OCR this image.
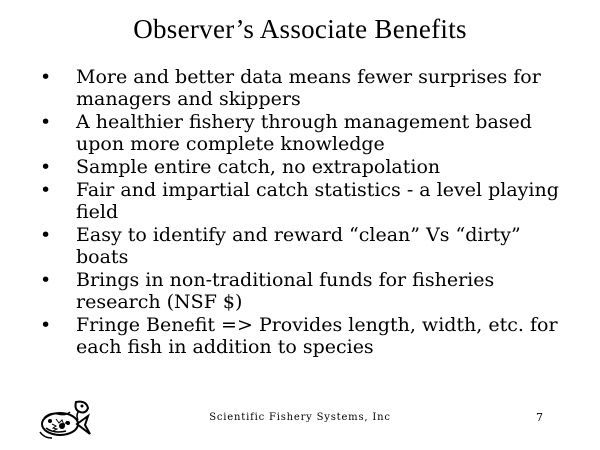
Observer’s Associate Benefits
• More and better data means fewer surprises for managers and skippers
• A healthier fishery through management based upon more complete knowledge
• Sample entire catch, no extrapolation
• Fair and impartial catch statistics - a level playing field
• Easy to identify and reward “clean” Vs “dirty” boats
• Brings in non-traditional funds for fisheries research (NSF $)
• Fringe Benefit => Provides length, width, etc. for each fish in addition to species
Scientific Fishery Systems, Inc	7
